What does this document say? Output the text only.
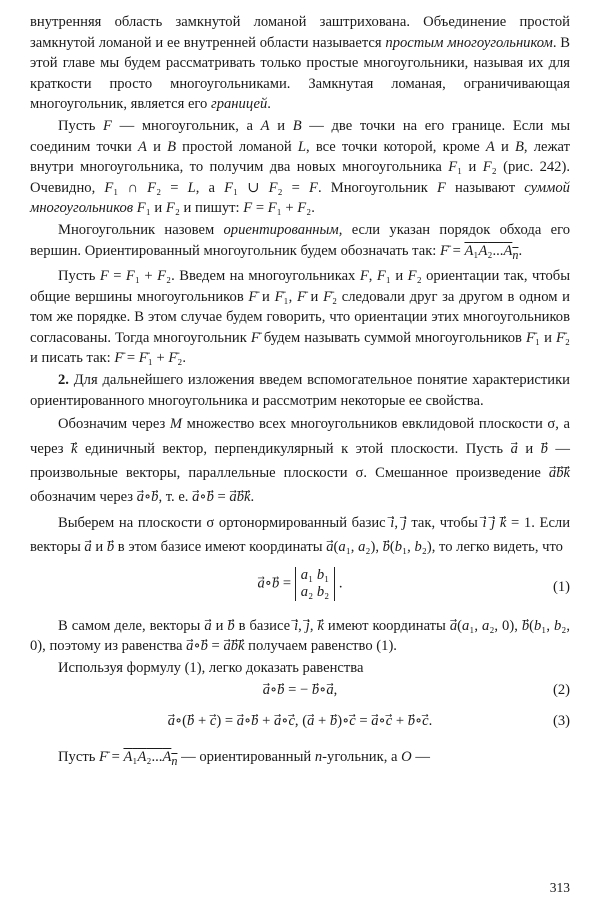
внутренняя область замкнутой ломаной заштрихована. Объединение простой замкнутой ломаной и ее внутренней области называется простым многоугольником. В этой главе мы будем рассматривать только простые многоугольники, называя их для краткости просто многоугольниками. Замкнутая ломаная, ограничивающая многоугольник, является его границей.

Пусть F — многоугольник, а A и B — две точки на его границе. Если мы соединим точки A и B простой ломаной L, все точки которой, кроме A и B, лежат внутри многоугольника, то получим два новых многоугольника F₁ и F₂ (рис. 242). Очевидно, F₁ ∩ F₂ = L, а F₁ ∪ F₂ = F. Многоугольник F называют суммой многоугольников F₁ и F₂ и пишут: F = F₁ + F₂.

Многоугольник назовем ориентированным, если указан порядок обхода его вершин. Ориентированный многоугольник будем обозначать так: F̄ = $A_1A_2...A_n$.

Пусть F = F₁ + F₂. Введем на многоугольниках F, F₁ и F₂ ориентации так, чтобы общие вершины многоугольников F̄ и F̄₁, F̄ и F̄₂ следовали друг за другом в одном и том же порядке. В этом случае будем говорить, что ориентации этих многоугольников согласованы. Тогда многоугольник F̄ будем называть суммой многоугольников F̄₁ и F̄₂ и писать так: F̄ = F̄₁ + F̄₂.

2. Для дальнейшего изложения введем вспомогательное понятие характеристики ориентированного многоугольника и рассмотрим некоторые ее свойства.

Обозначим через M множество всех многоугольников евклидовой плоскости σ, а через k⃗ единичный вектор, перпендикулярный к этой плоскости. Пусть a⃗ и b⃗ — произвольные векторы, параллельные плоскости σ. Смешанное произведение abk обозначим через a⃗∘b⃗, т. е. a⃗∘b⃗ = abk⃗.

Выберем на плоскости σ ортонормированный базис i⃗, j⃗ так, чтобы i⃗ j⃗ k⃗ = 1. Если векторы a⃗ и b⃗ в этом базисе имеют координаты a⃗(a₁, a₂), b⃗(b₁, b₂), то легко видеть, что

a⃗∘b⃗ = a₁ b₁
a₂ b₂ .	(1)

В самом деле, векторы a⃗ и b⃗ в базисе i⃗, j⃗, k⃗ имеют координаты a⃗(a₁, a₂, 0), b⃗(b₁, b₂, 0), поэтому из равенства a⃗∘b⃗ = abk⃗ получаем равенство (1).

Используя формулу (1), легко доказать равенства

a⃗∘b⃗ = − b⃗∘a⃗,	(2)
a⃗∘(b⃗ + c⃗) = a⃗∘b⃗ + a⃗∘c⃗, (a⃗ + b⃗)∘c⃗ = a⃗∘c⃗ + b⃗∘c⃗.	(3)

Пусть F̄ = $A_1A_2...A_n$ — ориентированный n-угольник, а O —

313
